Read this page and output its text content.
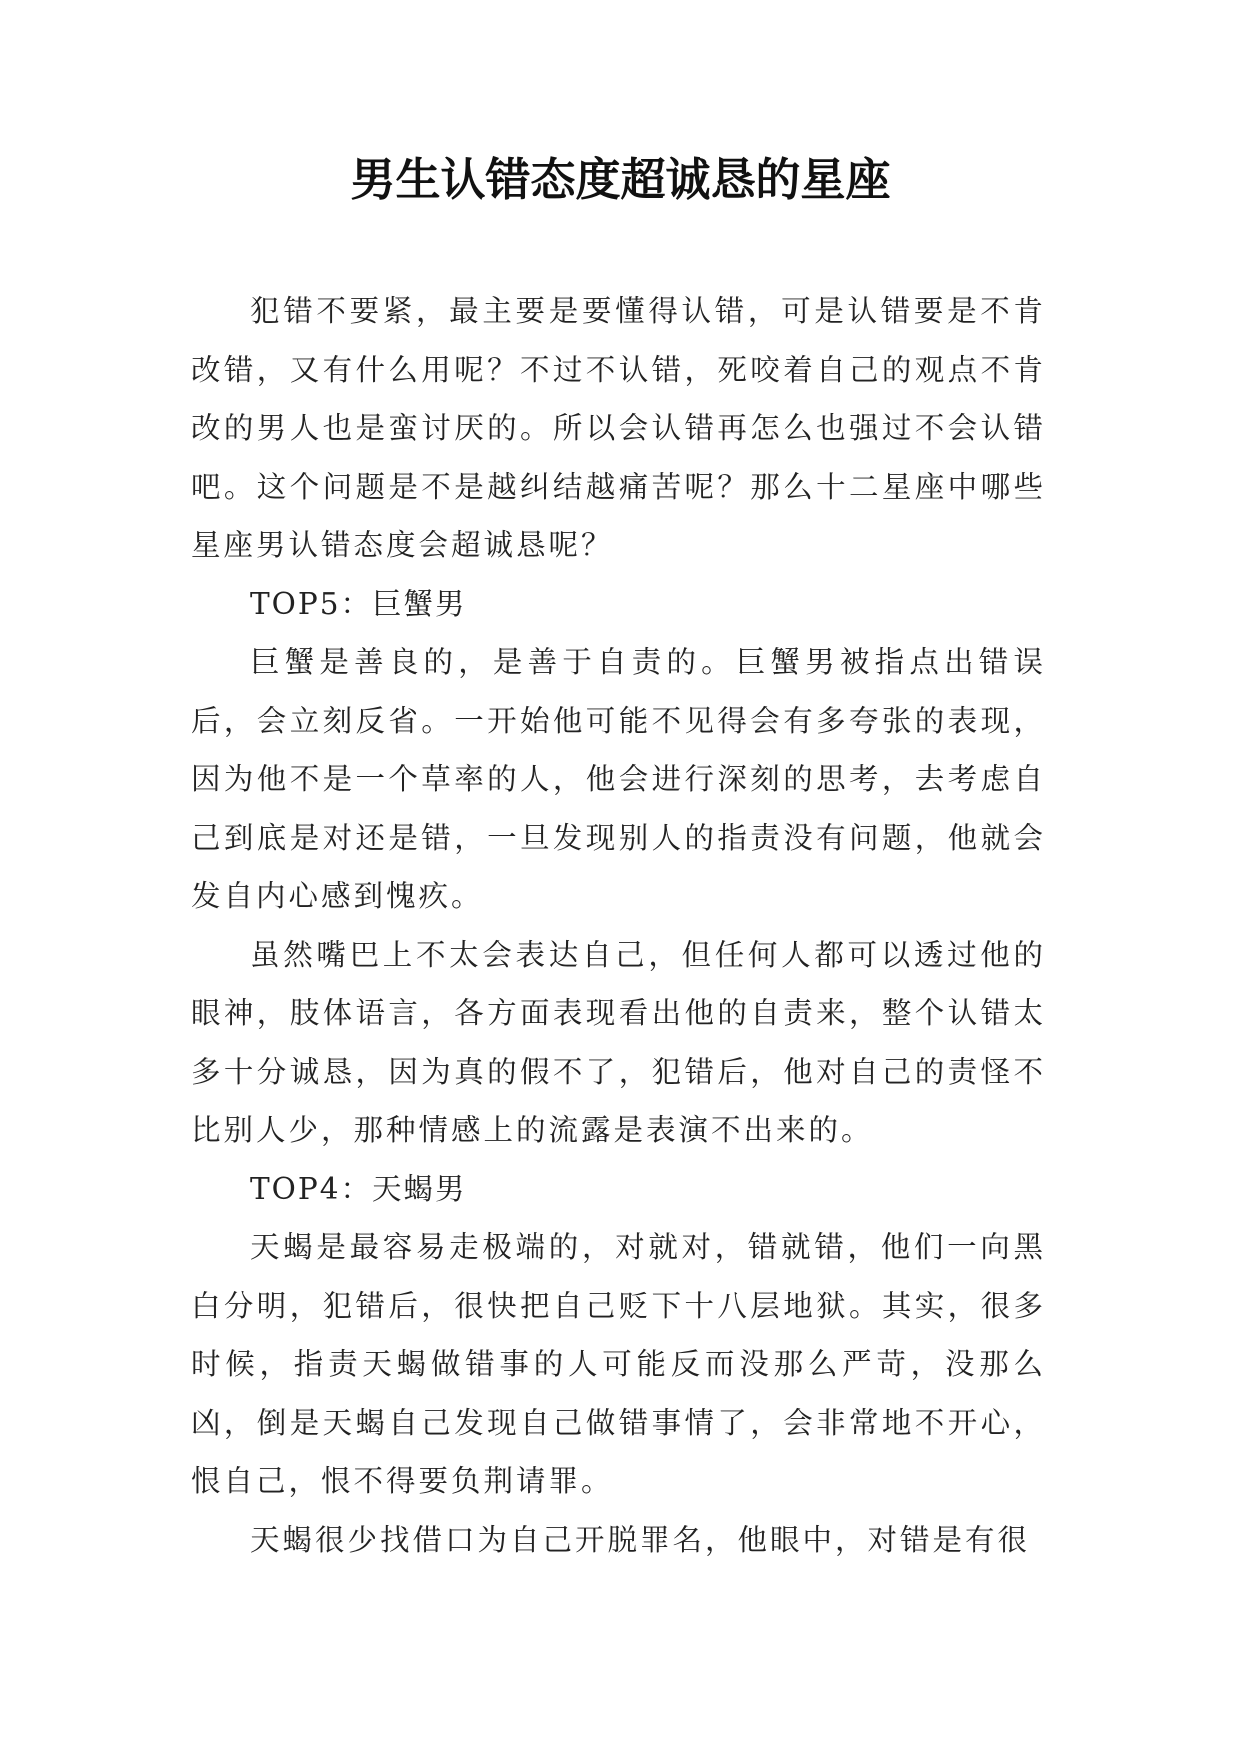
男生认错态度超诚恳的星座

犯错不要紧，最主要是要懂得认错，可是认错要是不肯改错，又有什么用呢？不过不认错，死咬着自己的观点不肯改的男人也是蛮讨厌的。所以会认错再怎么也强过不会认错吧。这个问题是不是越纠结越痛苦呢？那么十二星座中哪些星座男认错态度会超诚恳呢？

TOP5：巨蟹男

巨蟹是善良的，是善于自责的。巨蟹男被指点出错误后，会立刻反省。一开始他可能不见得会有多夸张的表现，因为他不是一个草率的人，他会进行深刻的思考，去考虑自己到底是对还是错，一旦发现别人的指责没有问题，他就会发自内心感到愧疚。

虽然嘴巴上不太会表达自己，但任何人都可以透过他的眼神，肢体语言，各方面表现看出他的自责来，整个认错太多十分诚恳，因为真的假不了，犯错后，他对自己的责怪不比别人少，那种情感上的流露是表演不出来的。

TOP4：天蝎男

天蝎是最容易走极端的，对就对，错就错，他们一向黑白分明，犯错后，很快把自己贬下十八层地狱。其实，很多时候，指责天蝎做错事的人可能反而没那么严苛，没那么凶，倒是天蝎自己发现自己做错事情了，会非常地不开心，恨自己，恨不得要负荆请罪。

天蝎很少找借口为自己开脱罪名，他眼中，对错是有很
